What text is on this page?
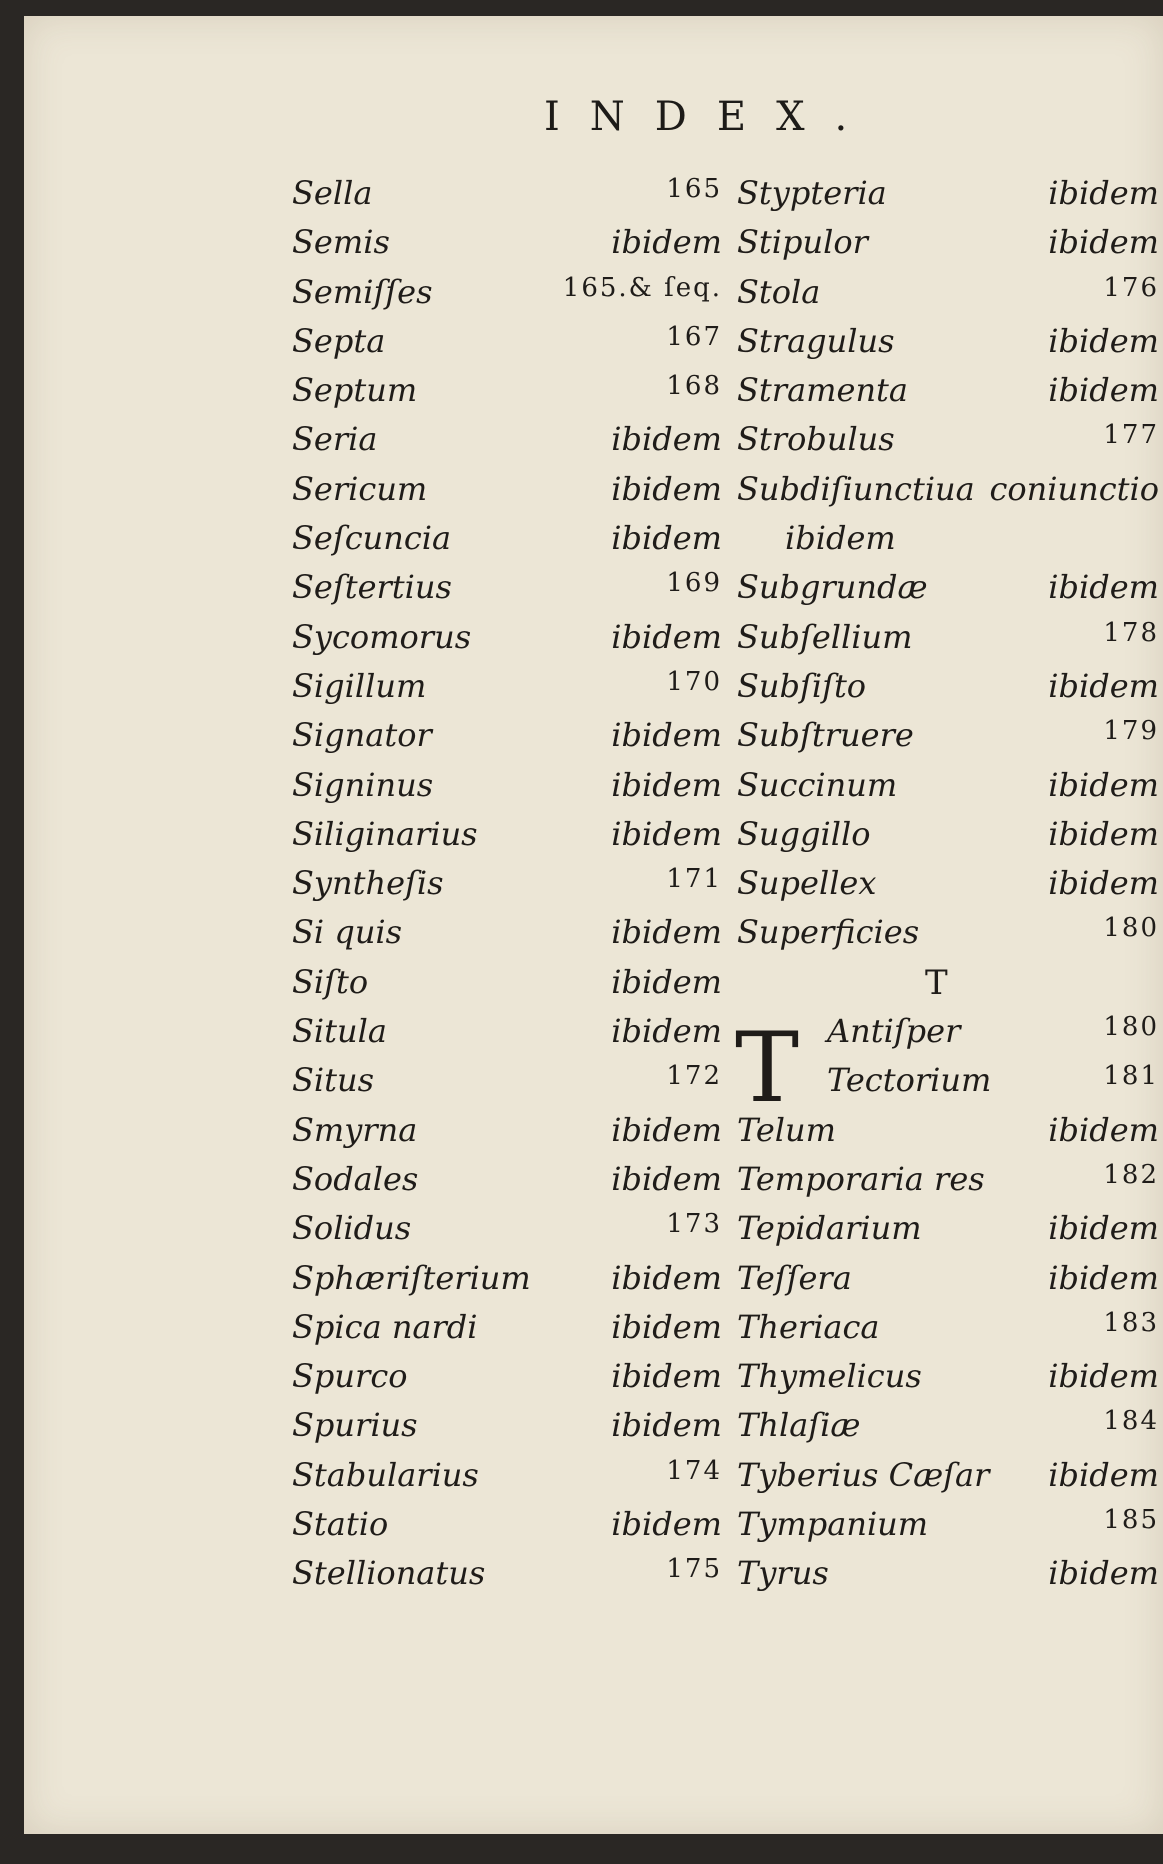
INDEX.
Sella	165
Semis	ibidem
Semiſſes	165.& ſeq.
Septa	167
Septum	168
Seria	ibidem
Sericum	ibidem
Seſcuncia	ibidem
Seſtertius	169
Sycomorus	ibidem
Sigillum	170
Signator	ibidem
Signinus	ibidem
Siliginarius	ibidem
Syntheſis	171
Si quis	ibidem
Siſto	ibidem
Situla	ibidem
Situs	172
Smyrna	ibidem
Sodales	ibidem
Solidus	173
Sphæriſterium	ibidem
Spica nardi	ibidem
Spurco	ibidem
Spurius	ibidem
Stabularius	174
Statio	ibidem
Stellionatus	175
Stypteria	ibidem
Stipulor	ibidem
Stola	176
Stragulus	ibidem
Stramenta	ibidem
Strobulus	177
Subdiſiunctiua coniunctio
ibidem
Subgrundæ	ibidem
Subſellium	178
Subſiſto	ibidem
Subſtruere	179
Succinum	ibidem
Suggillo	ibidem
Supellex	ibidem
Superficies	180
T
T Antiſper	180
Tectorium	181
Telum	ibidem
Temporaria res	182
Tepidarium	ibidem
Teſſera	ibidem
Theriaca	183
Thymelicus	ibidem
Thlaſiæ	184
Tyberius Cæſar ibidem
Tympanium	185
Tyrus	ibidem
